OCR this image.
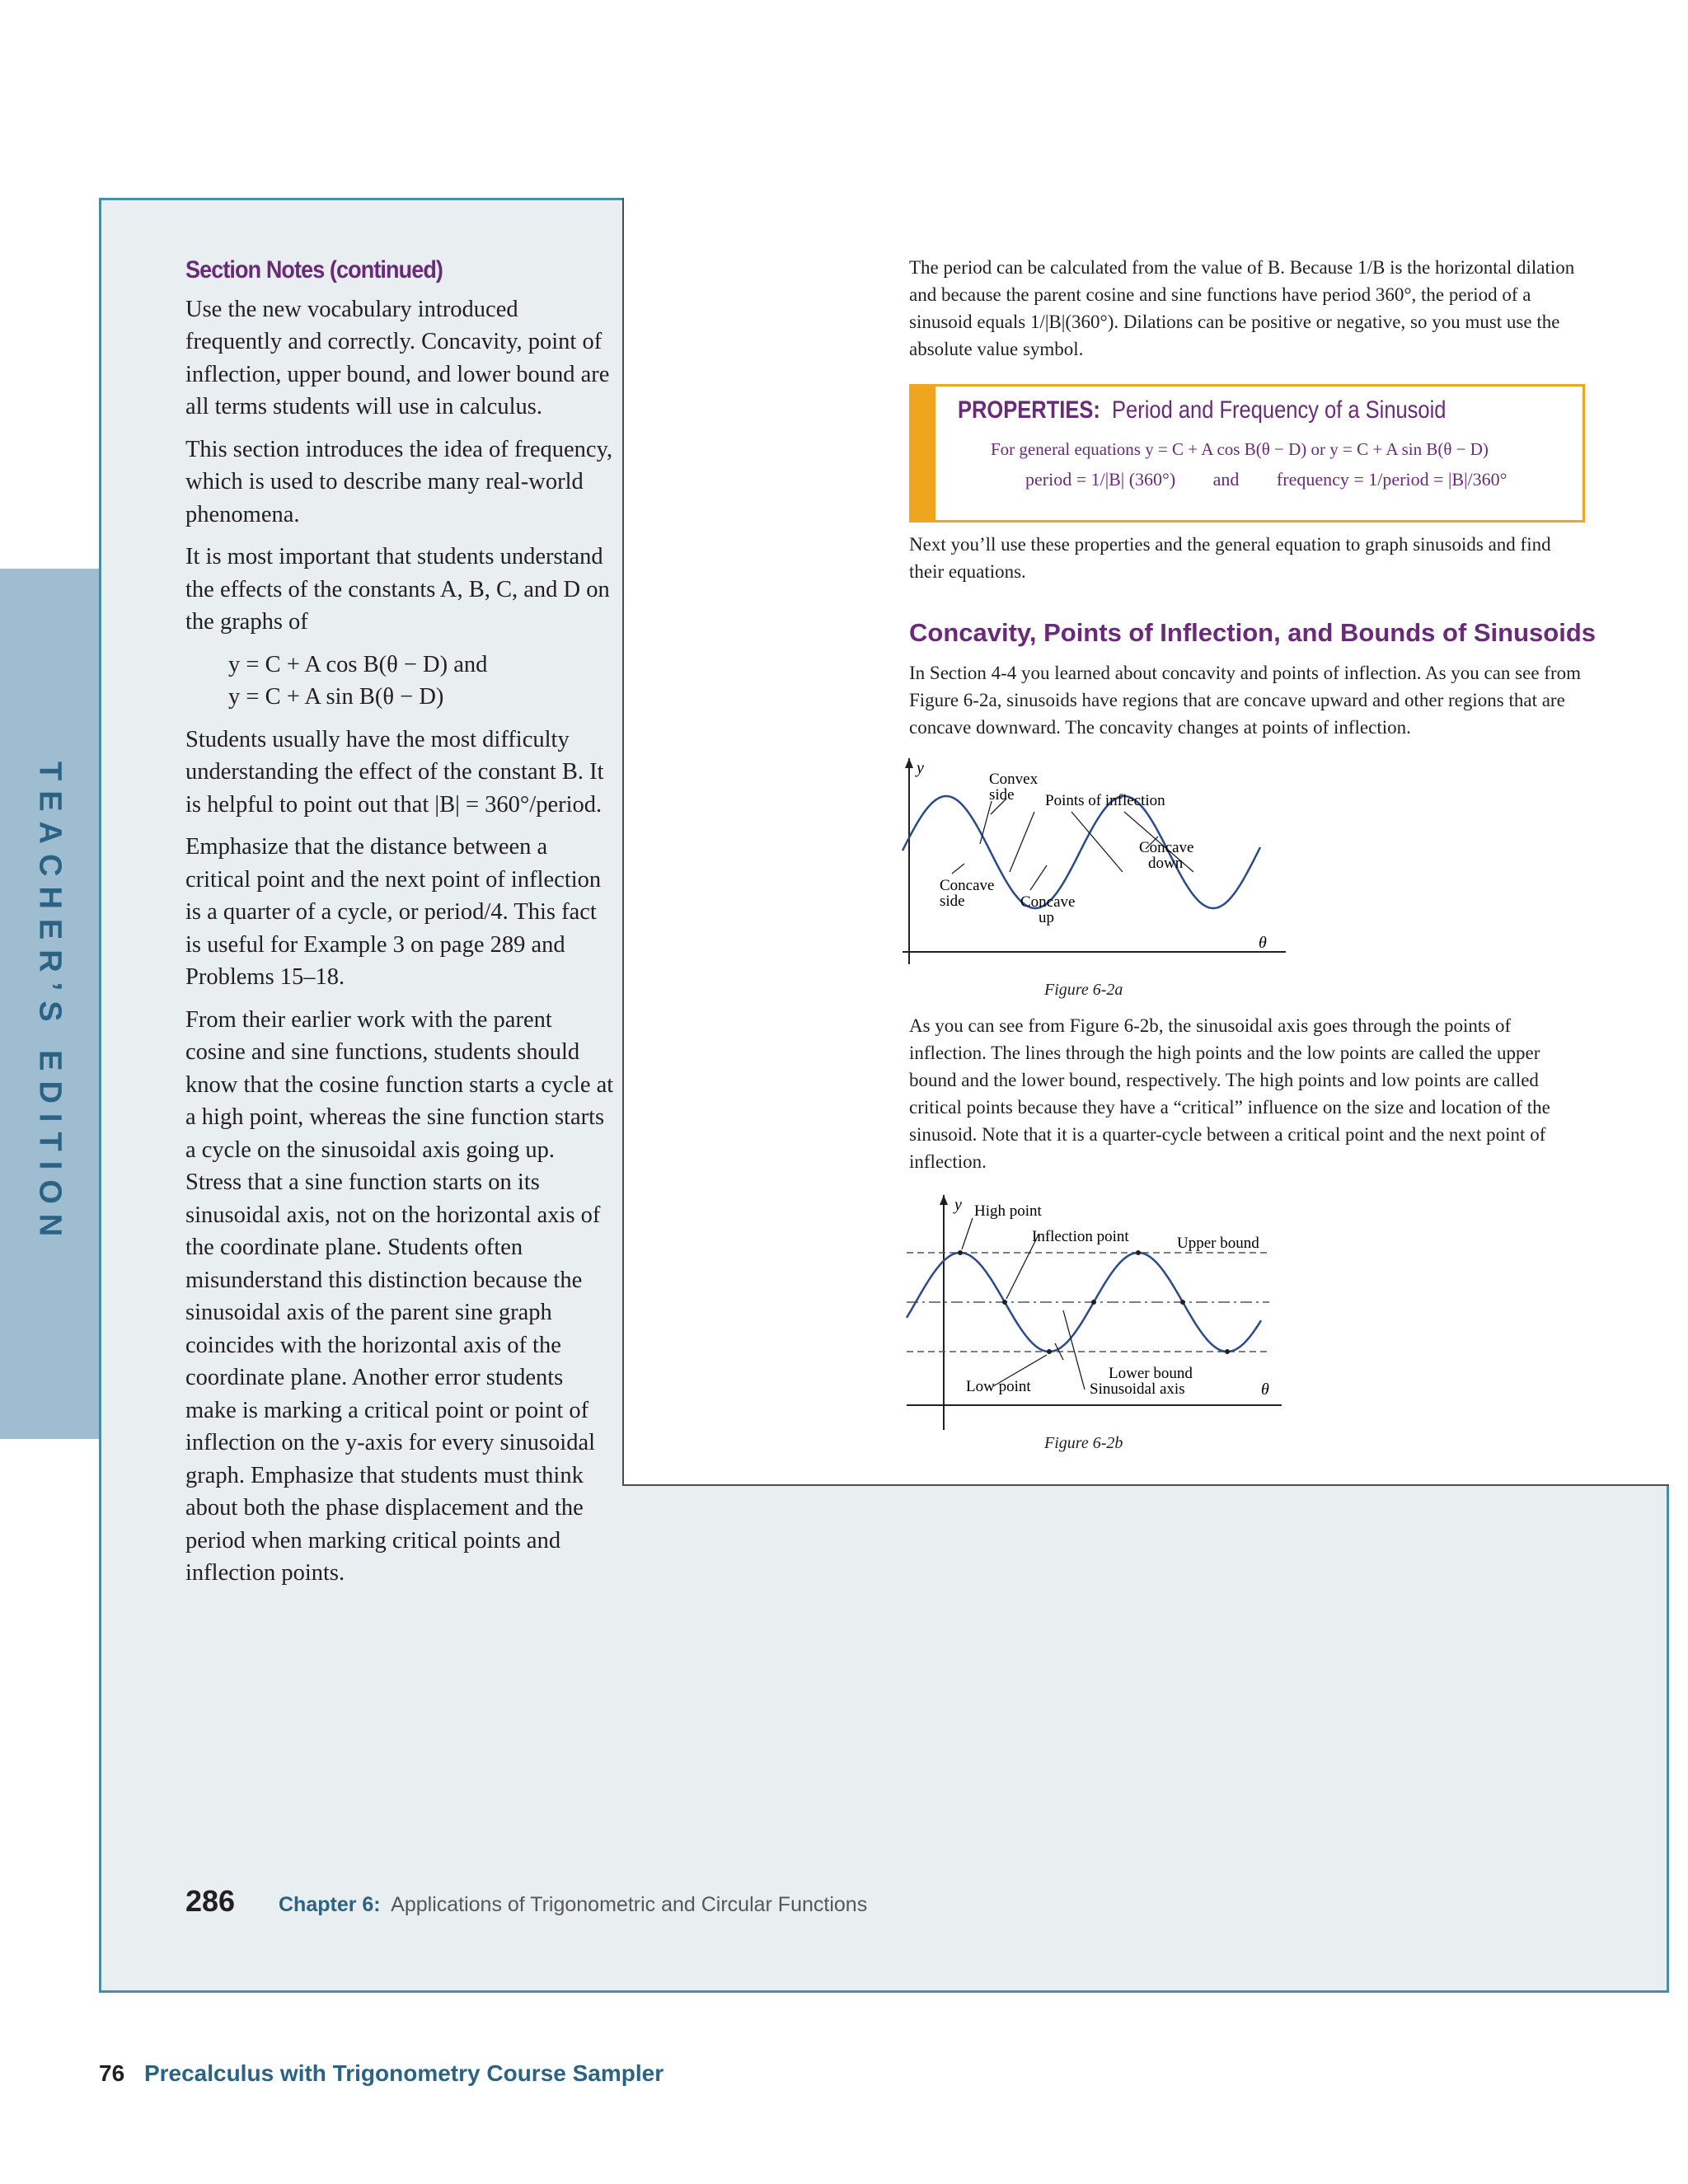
TEACHER’S EDITION
Section Notes (continued)

Use the new vocabulary introduced frequently and correctly. Concavity, point of inflection, upper bound, and lower bound are all terms students will use in calculus.

This section introduces the idea of frequency, which is used to describe many real-world phenomena.

It is most important that students understand the effects of the constants A, B, C, and D on the graphs of

y = C + A cos B(θ − D) and
y = C + A sin B(θ − D)

Students usually have the most difficulty understanding the effect of the constant B. It is helpful to point out that |B| = 360°/period.

Emphasize that the distance between a critical point and the next point of inflection is a quarter of a cycle, or period/4. This fact is useful for Example 3 on page 289 and Problems 15–18.

From their earlier work with the parent cosine and sine functions, students should know that the cosine function starts a cycle at a high point, whereas the sine function starts a cycle on the sinusoidal axis going up. Stress that a sine function starts on its sinusoidal axis, not on the horizontal axis of the coordinate plane. Students often misunderstand this distinction because the sinusoidal axis of the parent sine graph coincides with the horizontal axis of the coordinate plane. Another error students make is marking a critical point or point of inflection on the y-axis for every sinusoidal graph. Emphasize that students must think about both the phase displacement and the period when marking critical points and inflection points.

The period can be calculated from the value of B. Because 1/B is the horizontal dilation and because the parent cosine and sine functions have period 360°, the period of a sinusoid equals 1/|B|(360°). Dilations can be positive or negative, so you must use the absolute value symbol.
PROPERTIES: Period and Frequency of a Sinusoid
For general equations y = C + A cos B(θ − D) or y = C + A sin B(θ − D)
period = 1/|B| (360°) and frequency = 1/period = |B|/360°
Next you’ll use these properties and the general equation to graph sinusoids and find their equations.
Concavity, Points of Inflection, and Bounds of Sinusoids
In Section 4-4 you learned about concavity and points of inflection. As you can see from Figure 6-2a, sinusoids have regions that are concave upward and other regions that are concave downward. The concavity changes at points of inflection.
y
θ
Convex
side Points of inflection
Concave
down
Concave
side	Concave
up
Figure 6-2a
As you can see from Figure 6-2b, the sinusoidal axis goes through the points of inflection. The lines through the high points and the low points are called the upper bound and the lower bound, respectively. The high points and low points are called critical points because they have a “critical” influence on the size and location of the sinusoid. Note that it is a quarter-cycle between a critical point and the next point of inflection.
High point
Inflection point	Upper bound
Lower bound
Low point	Sinusoidal axis	θ
y
Figure 6-2b
286 Chapter 6: Applications of Trigonometric and Circular Functions
76 Precalculus with Trigonometry Course Sampler
